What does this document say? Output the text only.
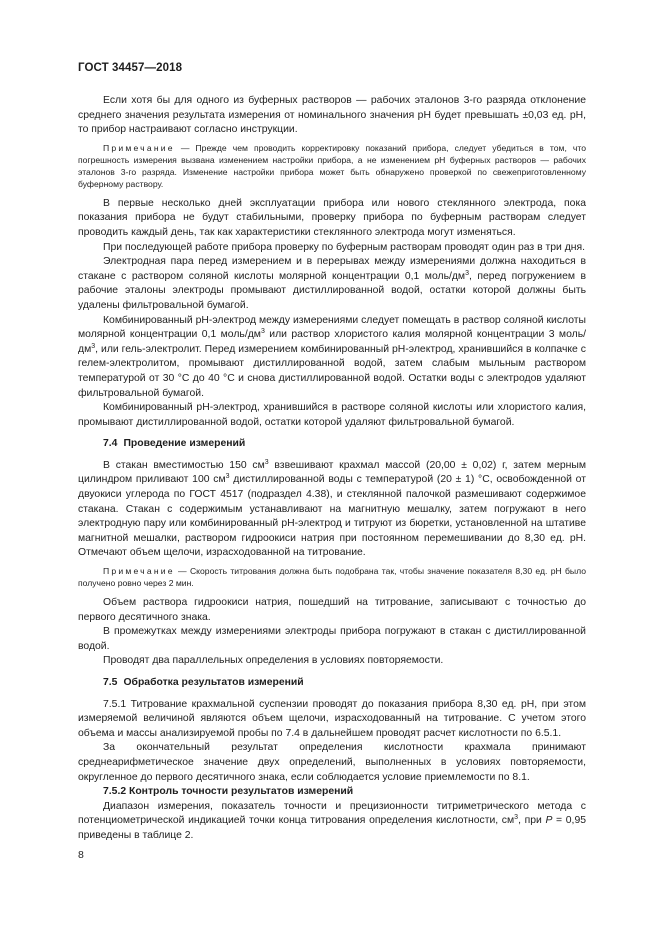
ГОСТ 34457—2018

Если хотя бы для одного из буферных растворов — рабочих эталонов 3-го разряда отклонение среднего значения результата измерения от номинального значения pH будет превышать ±0,03 ед. pH, то прибор настраивают согласно инструкции.

Примечание — Прежде чем проводить корректировку показаний прибора, следует убедиться в том, что погрешность измерения вызвана изменением настройки прибора, а не изменением pH буферных растворов — рабочих эталонов 3-го разряда. Изменение настройки прибора может быть обнаружено проверкой по свежеприготовленному буферному раствору.

В первые несколько дней эксплуатации прибора или нового стеклянного электрода, пока показания прибора не будут стабильными, проверку прибора по буферным растворам следует проводить каждый день, так как характеристики стеклянного электрода могут изменяться.

При последующей работе прибора проверку по буферным растворам проводят один раз в три дня.

Электродная пара перед измерением и в перерывах между измерениями должна находиться в стакане с раствором соляной кислоты молярной концентрации 0,1 моль/$дм^3$, перед погружением в рабочие эталоны электроды промывают дистиллированной водой, остатки которой должны быть удалены фильтровальной бумагой.

Комбинированный pH-электрод между измерениями следует помещать в раствор соляной кислоты молярной концентрации 0,1 моль/$дм^3$ или раствор хлористого калия молярной концентрации 3 моль/$дм^3$, или гель-электролит. Перед измерением комбинированный pH-электрод, хранившийся в колпачке с гелем-электролитом, промывают дистиллированной водой, затем слабым мыльным раствором температурой от 30 °С до 40 °С и снова дистиллированной водой. Остатки воды с электродов удаляют фильтровальной бумагой.

Комбинированный pH-электрод, хранившийся в растворе соляной кислоты или хлористого калия, промывают дистиллированной водой, остатки которой удаляют фильтровальной бумагой.

7.4 Проведение измерений

В стакан вместимостью 150 $см^3$ взвешивают крахмал массой (20,00 ± 0,02) г, затем мерным цилиндром приливают 100 $см^3$ дистиллированной воды с температурой (20 ± 1) °С, освобожденной от двуокиси углерода по ГОСТ 4517 (подраздел 4.38), и стеклянной палочкой размешивают содержимое стакана. Стакан с содержимым устанавливают на магнитную мешалку, затем погружают в него электродную пару или комбинированный pH-электрод и титруют из бюретки, установленной на штативе магнитной мешалки, раствором гидроокиси натрия при постоянном перемешивании до 8,30 ед. pH. Отмечают объем щелочи, израсходованной на титрование.

Примечание — Скорость титрования должна быть подобрана так, чтобы значение показателя 8,30 ед. pH было получено ровно через 2 мин.

Объем раствора гидроокиси натрия, пошедший на титрование, записывают с точностью до первого десятичного знака.

В промежутках между измерениями электроды прибора погружают в стакан с дистиллированной водой.

Проводят два параллельных определения в условиях повторяемости.

7.5 Обработка результатов измерений

7.5.1 Титрование крахмальной суспензии проводят до показания прибора 8,30 ед. pH, при этом измеряемой величиной являются объем щелочи, израсходованный на титрование. С учетом этого объема и массы анализируемой пробы по 7.4 в дальнейшем проводят расчет кислотности по 6.5.1.

За окончательный результат определения кислотности крахмала принимают среднеарифметическое значение двух определений, выполненных в условиях повторяемости, округленное до первого десятичного знака, если соблюдается условие приемлемости по 8.1.

7.5.2 Контроль точности результатов измерений

Диапазон измерения, показатель точности и прецизионности титриметрического метода с потенциометрической индикацией точки конца титрования определения кислотности, $см^3$, при P = 0,95 приведены в таблице 2.

8
